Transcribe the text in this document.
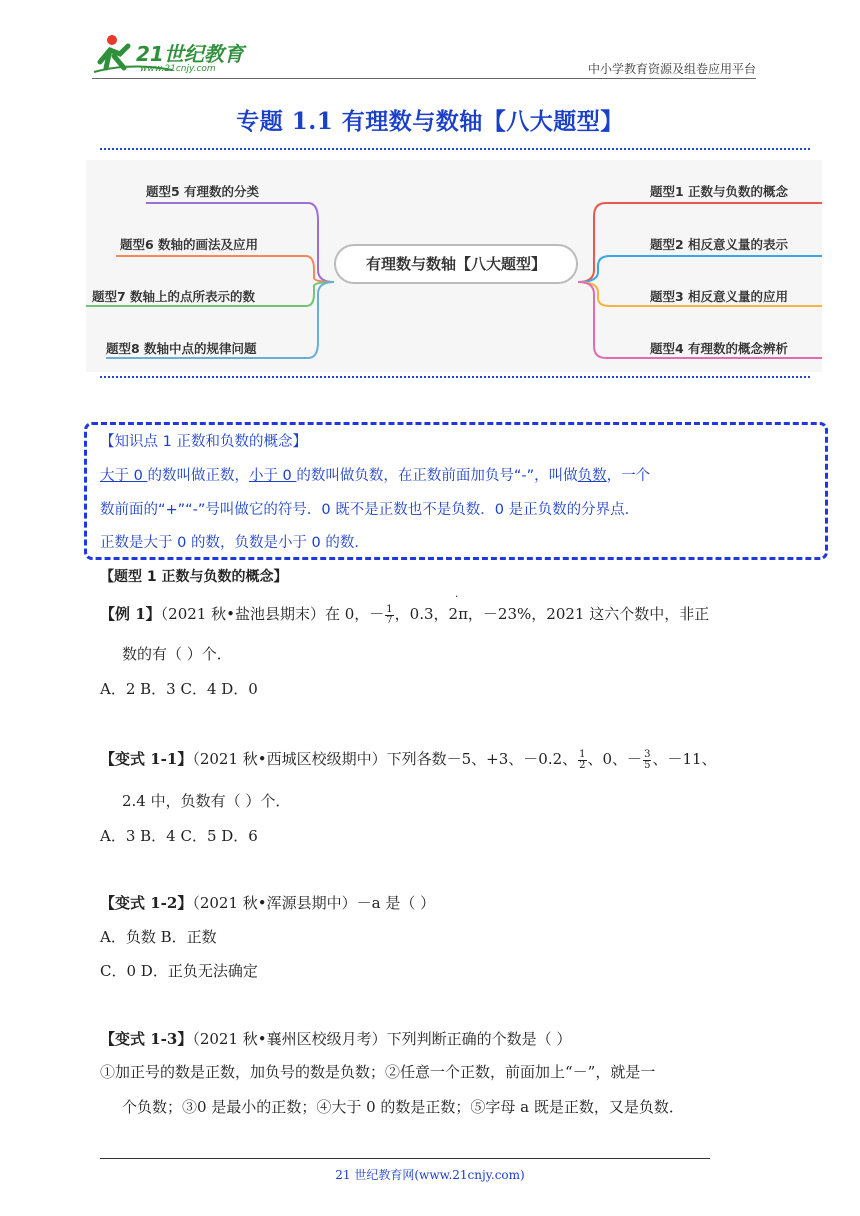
21世纪教育
www.21cnjy.com	中小学教育资源及组卷应用平台
专题 1.1 有理数与数轴【八大题型】
有理数与数轴【八大题型】
题型5 有理数的分类
题型6 数轴的画法及应用
题型7 数轴上的点所表示的数
题型8 数轴中点的规律问题
题型1 正数与负数的概念
题型2 相反意义量的表示
题型3 相反意义量的应用
题型4 有理数的概念辨析
【知识点 1 正数和负数的概念】
大于 0 的数叫做正数，小于 0 的数叫做负数，在正数前面加负号“-”，叫做负数，一个
数前面的“+”“-”号叫做它的符号．0 既不是正数也不是负数．0 是正负数的分界点．
正数是大于 0 的数，负数是小于 0 的数．
【题型 1 正数与负数的概念】
【例 1】（2021 秋•盐池县期末）在 0，－ $\frac{1}{7}$ ，0.3，2π，－23%，2021 这六个数中，非正
·
数的有（ ）个．
A．2 B．3 C．4 D．0
【变式 1-1】（2021 秋•西城区校级期中）下列各数－5、+3、－0.2、 $\frac{1}{2}$ 、0、－ $\frac{3}{5}$ 、－11、
2.4 中，负数有（ ）个．
A．3 B．4 C．5 D．6
【变式 1-2】（2021 秋•浑源县期中）－a 是（ ）
A．负数 B．正数
C．0 D．正负无法确定
【变式 1-3】（2021 秋•襄州区校级月考）下列判断正确的个数是（ ）
①加正号的数是正数，加负号的数是负数；②任意一个正数，前面加上“－”，就是一
个负数；③0 是最小的正数；④大于 0 的数是正数；⑤字母 a 既是正数，又是负数．
21 世纪教育网(www.21cnjy.com)
